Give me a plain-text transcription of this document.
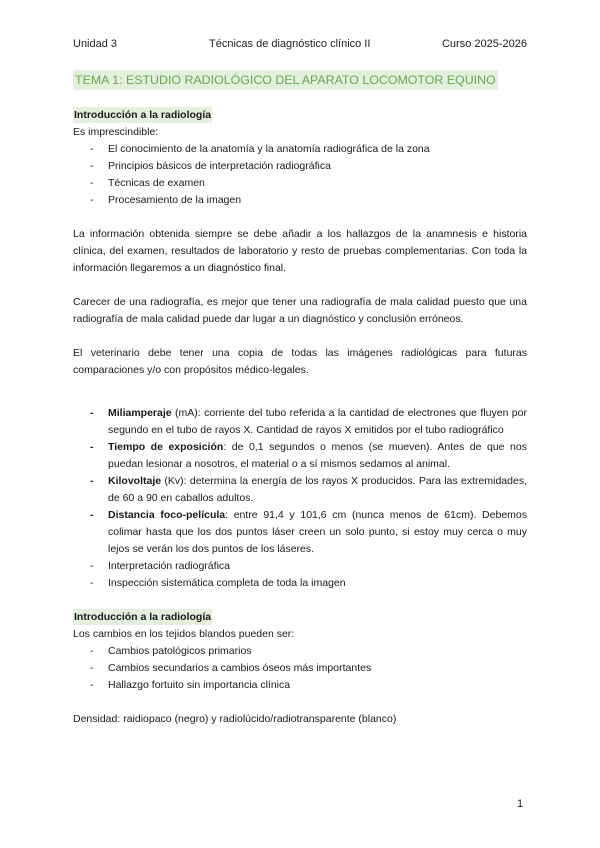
Unidad 3	Técnicas de diagnóstico clínico II	Curso 2025-2026
TEMA 1: ESTUDIO RADIOLÓGICO DEL APARATO LOCOMOTOR EQUINO
Introducción a la radiología

Es imprescindible:

- El conocimiento de la anatomía y la anatomía radiográfica de la zona
- Principios básicos de interpretación radiográfica
- Técnicas de examen
- Procesamiento de la imagen

La información obtenida siempre se debe añadir a los hallazgos de la anamnesis e historia clínica, del examen, resultados de laboratorio y resto de pruebas complementarias. Con toda la información llegaremos a un diagnóstico final.

Carecer de una radiografía, es mejor que tener una radiografía de mala calidad puesto que una radiografía de mala calidad puede dar lugar a un diagnóstico y conclusión erróneos.

El veterinario debe tener una copia de todas las imágenes radiológicas para futuras comparaciones y/o con propósitos médico-legales.

- Miliamperaje (mA): corriente del tubo referida a la cantidad de electrones que fluyen por segundo en el tubo de rayos X. Cantidad de rayos X emitidos por el tubo radiográfico
- Tiempo de exposición: de 0,1 segundos o menos (se mueven). Antes de que nos puedan lesionar a nosotros, el material o a sí mismos sedamos al animal.
- Kilovoltaje (Kv): determina la energía de los rayos X producidos. Para las extremidades, de 60 a 90 en caballos adultos.
- Distancia foco-película: entre 91,4 y 101,6 cm (nunca menos de 61cm). Debemos colimar hasta que los dos puntos láser creen un solo punto, si estoy muy cerca o muy lejos se verán los dos puntos de los láseres.
- Interpretación radiográfica
- Inspección sistemática completa de toda la imagen
Introducción a la radiología

Los cambios en los tejidos blandos pueden ser:

- Cambios patológicos primarios
- Cambios secundarios a cambios óseos más importantes
- Hallazgo fortuito sin importancia clínica

Densidad: raidiopaco (negro) y radiolúcido/radiotransparente (blanco)

1
